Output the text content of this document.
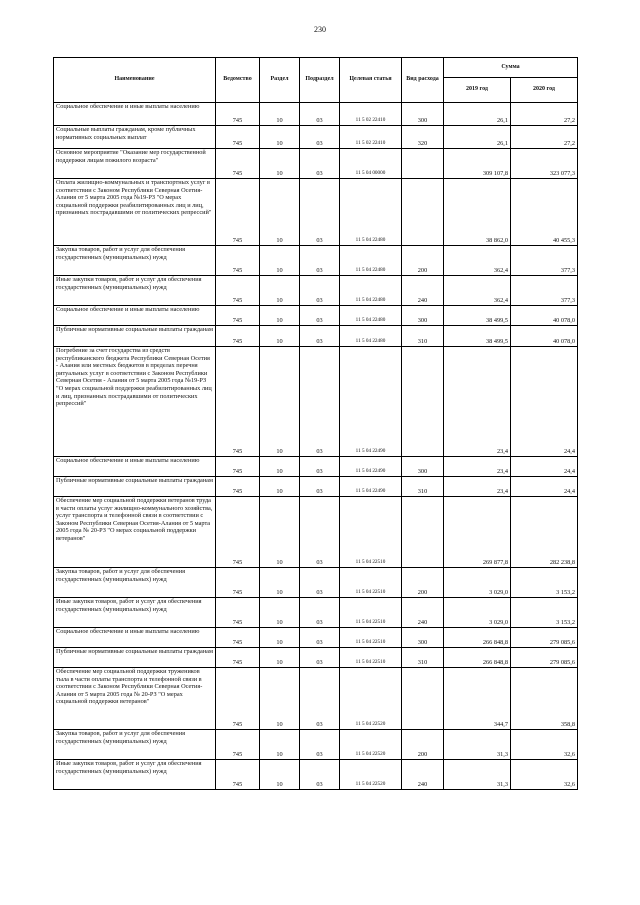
230
Наименование	Ведомство	Раздел	Подраздел	Целевая статья	Вид расхода	Сумма	
						2019 год	2020 год
Социальное обеспечение и иные выплаты населению	745	10	03	11 5 02 22410	300	26,1	27,2
Социальные выплаты гражданам, кроме публичных нормативных социальных выплат	745	10	03	11 5 02 22410	320	26,1	27,2
Основное мероприятие "Оказание мер государственной поддержки лицам пожилого возраста"	745	10	03	11 5 04 00000		309 107,8	323 077,3
Оплата жилищно-коммунальных и транспортных услуг в соответствии с Законом Республики Северная Осетия-Алания от 5 марта 2005 года №19-РЗ "О мерах социальной поддержки реабилитированных лиц и лиц, признанных пострадавшими от политических репрессий"	745	10	03	11 5 04 22480		38 862,0	40 455,3
Закупка товаров, работ и услуг для обеспечения государственных (муниципальных) нужд	745	10	03	11 5 04 22480	200	362,4	377,3
Иные закупки товаров, работ и услуг для обеспечения государственных (муниципальных) нужд	745	10	03	11 5 04 22480	240	362,4	377,3
Социальное обеспечение и иные выплаты населению	745	10	03	11 5 04 22480	300	38 499,5	40 078,0
Публичные нормативные социальные выплаты гражданам	745	10	03	11 5 04 22480	310	38 499,5	40 078,0
Погребение за счет государства из средств республиканского бюджета Республики Северная Осетия - Алания или местных бюджетов в пределах перечня ритуальных услуг в соответствии с Законом Республики Северная Осетия - Алания от 5 марта 2005 года №19-РЗ "О мерах социальной поддержки реабилитированных лиц и лиц, признанных пострадавшими от политических репрессий"	745	10	03	11 5 04 22490		23,4	24,4
Социальное обеспечение и иные выплаты населению	745	10	03	11 5 04 22490	300	23,4	24,4
Публичные нормативные социальные выплаты гражданам	745	10	03	11 5 04 22490	310	23,4	24,4
Обеспечение мер социальной поддержки ветеранов труда в части оплаты услуг жилищно-коммунального хозяйства, услуг транспорта и телефонной связи в соответствии с Законом Республики Северная Осетия-Алания от 5 марта 2005 года № 20-РЗ "О мерах социальной поддержки ветеранов"	745	10	03	11 5 04 22510		269 877,8	282 238,8
Закупка товаров, работ и услуг для обеспечения государственных (муниципальных) нужд	745	10	03	11 5 04 22510	200	3 029,0	3 153,2
Иные закупки товаров, работ и услуг для обеспечения государственных (муниципальных) нужд	745	10	03	11 5 04 22510	240	3 029,0	3 153,2
Социальное обеспечение и иные выплаты населению	745	10	03	11 5 04 22510	300	266 848,8	279 085,6
Публичные нормативные социальные выплаты гражданам	745	10	03	11 5 04 22510	310	266 848,8	279 085,6
Обеспечение мер социальной поддержки тружеников тыла в части оплаты транспорта и телефонной связи в соответствии с Законом Республики Северная Осетия-Алания от 5 марта 2005 года № 20-РЗ "О мерах социальной поддержки ветеранов"	745	10	03	11 5 04 22520		344,7	358,8
Закупка товаров, работ и услуг для обеспечения государственных (муниципальных) нужд	745	10	03	11 5 04 22520	200	31,3	32,6
Иные закупки товаров, работ и услуг для обеспечения государственных (муниципальных) нужд	745	10	03	11 5 04 22520	240	31,3	32,6
